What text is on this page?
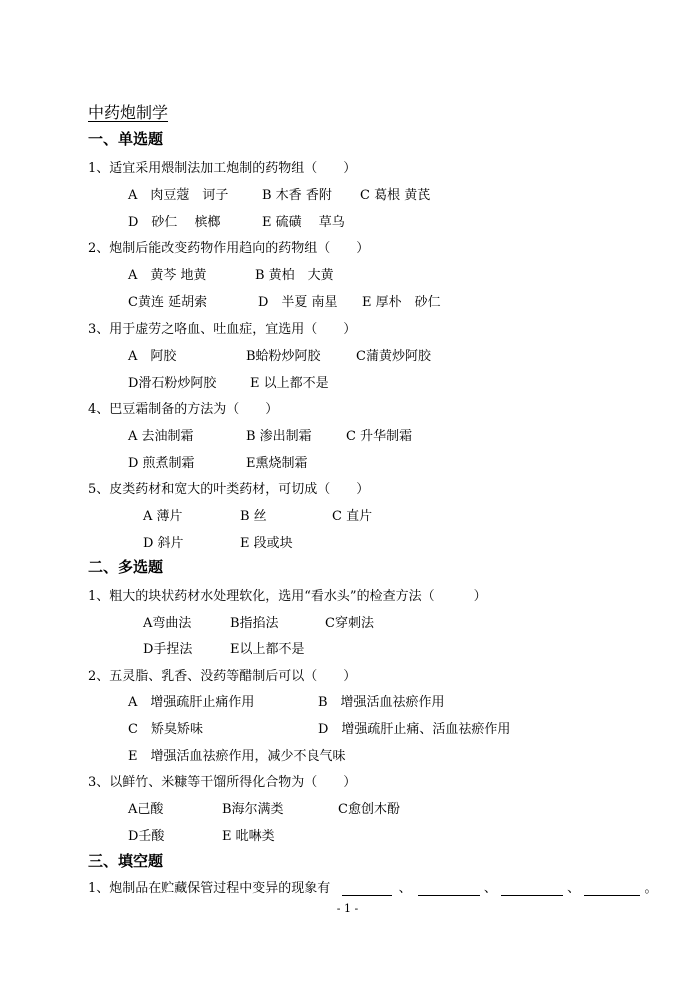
中药炮制学
一、单选题
1、适宜采用煨制法加工炮制的药物组（　　）
A　肉豆蔻　诃子	B 木香 香附 C 葛根 黄芪
D　砂仁　 槟榔	E 硫磺　 草乌
2、炮制后能改变药物作用趋向的药物组（　　）
A　黄芩 地黄	B 黄柏　大黄
C黄连 延胡索	D　半夏 南星 E 厚朴　砂仁
3、用于虚劳之咯血、吐血症，宜选用（　　）
A　阿胶	B蛤粉炒阿胶	C蒲黄炒阿胶
D滑石粉炒阿胶	E 以上都不是
4、巴豆霜制备的方法为（　　）
A 去油制霜	B 渗出制霜	C 升华制霜
D 煎煮制霜	E熏烧制霜
5、皮类药材和宽大的叶类药材，可切成（　　）
A 薄片	B 丝	C 直片
D 斜片	E 段或块
二、多选题
1、粗大的块状药材水处理软化，选用“看水头”的检查方法（　　　）
A弯曲法	B指掐法	C穿刺法
D手捏法	E以上都不是
2、五灵脂、乳香、没药等醋制后可以（　　）
A　增强疏肝止痛作用	B　增强活血祛瘀作用
C　矫臭矫味	D　增强疏肝止痛、活血祛瘀作用
E　增强活血祛瘀作用，减少不良气味
3、以鲜竹、米糠等干馏所得化合物为（　　）
A己酸	B海尔满类	C愈创木酚
D壬酸	E 吡啉类
三、填空题
1、炮制品在贮藏保管过程中变异的现象有	、	、	、	。
- 1 -
